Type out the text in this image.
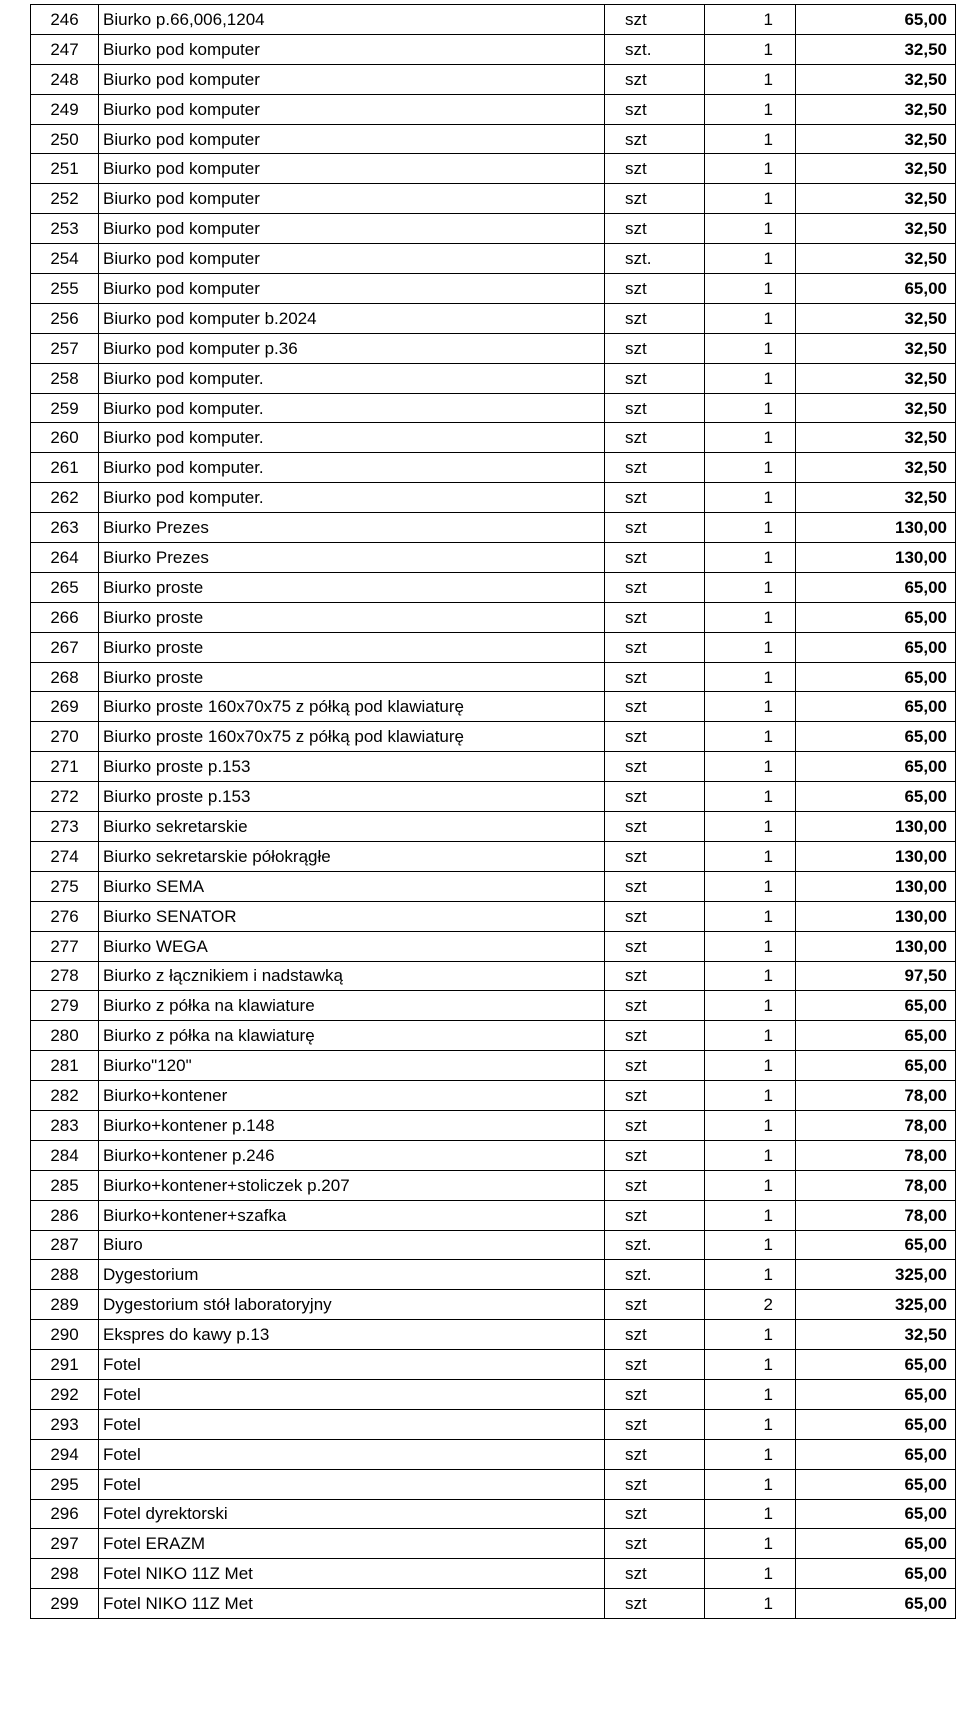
246	Biurko p.66,006,1204	szt	1	65,00
247	Biurko pod komputer	szt.	1	32,50
248	Biurko pod komputer	szt	1	32,50
249	Biurko pod komputer	szt	1	32,50
250	Biurko pod komputer	szt	1	32,50
251	Biurko pod komputer	szt	1	32,50
252	Biurko pod komputer	szt	1	32,50
253	Biurko pod komputer	szt	1	32,50
254	Biurko pod komputer	szt.	1	32,50
255	Biurko pod komputer	szt	1	65,00
256	Biurko pod komputer b.2024	szt	1	32,50
257	Biurko pod komputer p.36	szt	1	32,50
258	Biurko pod komputer.	szt	1	32,50
259	Biurko pod komputer.	szt	1	32,50
260	Biurko pod komputer.	szt	1	32,50
261	Biurko pod komputer.	szt	1	32,50
262	Biurko pod komputer.	szt	1	32,50
263	Biurko Prezes	szt	1	130,00
264	Biurko Prezes	szt	1	130,00
265	Biurko proste	szt	1	65,00
266	Biurko proste	szt	1	65,00
267	Biurko proste	szt	1	65,00
268	Biurko proste	szt	1	65,00
269	Biurko proste 160x70x75 z półką pod klawiaturę	szt	1	65,00
270	Biurko proste 160x70x75 z półką pod klawiaturę	szt	1	65,00
271	Biurko proste p.153	szt	1	65,00
272	Biurko proste p.153	szt	1	65,00
273	Biurko sekretarskie	szt	1	130,00
274	Biurko sekretarskie półokrągłe	szt	1	130,00
275	Biurko SEMA	szt	1	130,00
276	Biurko SENATOR	szt	1	130,00
277	Biurko WEGA	szt	1	130,00
278	Biurko z łącznikiem i nadstawką	szt	1	97,50
279	Biurko z półka na klawiature	szt	1	65,00
280	Biurko z półka na klawiaturę	szt	1	65,00
281	Biurko"120"	szt	1	65,00
282	Biurko+kontener	szt	1	78,00
283	Biurko+kontener p.148	szt	1	78,00
284	Biurko+kontener p.246	szt	1	78,00
285	Biurko+kontener+stoliczek p.207	szt	1	78,00
286	Biurko+kontener+szafka	szt	1	78,00
287	Biuro	szt.	1	65,00
288	Dygestorium	szt.	1	325,00
289	Dygestorium stół laboratoryjny	szt	2	325,00
290	Ekspres do kawy p.13	szt	1	32,50
291	Fotel	szt	1	65,00
292	Fotel	szt	1	65,00
293	Fotel	szt	1	65,00
294	Fotel	szt	1	65,00
295	Fotel	szt	1	65,00
296	Fotel dyrektorski	szt	1	65,00
297	Fotel ERAZM	szt	1	65,00
298	Fotel NIKO 11Z Met	szt	1	65,00
299	Fotel NIKO 11Z Met	szt	1	65,00
